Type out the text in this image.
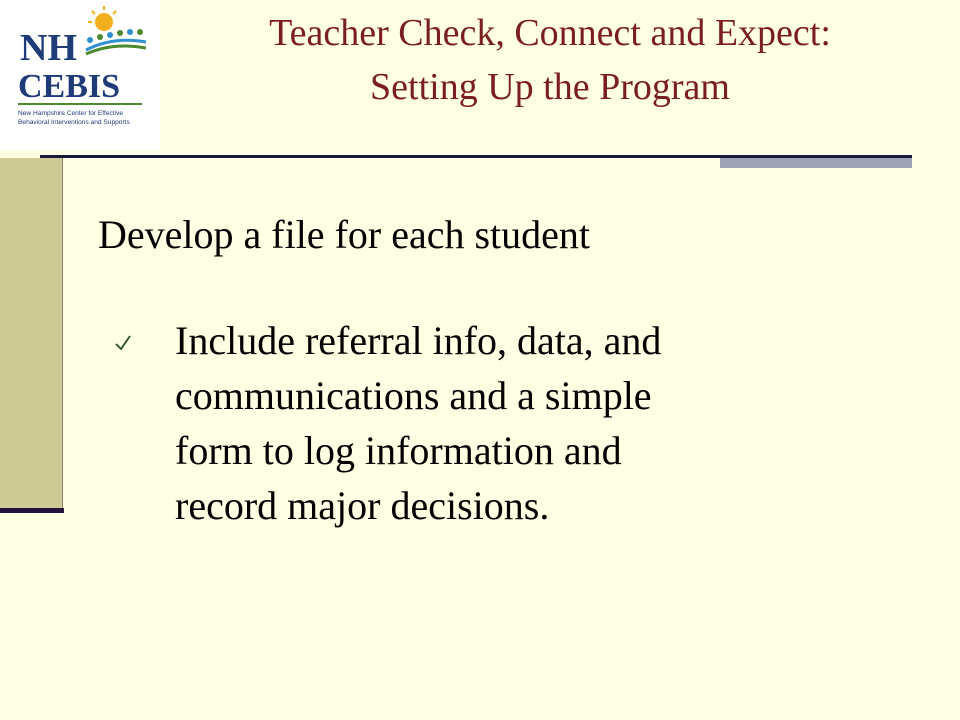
NH
CEBIS
New Hampshire Center for Effective
Behavioral Interventions and Supports
Teacher Check, Connect and Expect:
Setting Up the Program
Develop a file for each student
Include referral info, data, and
communications and a simple
form to log information and
record major decisions.
